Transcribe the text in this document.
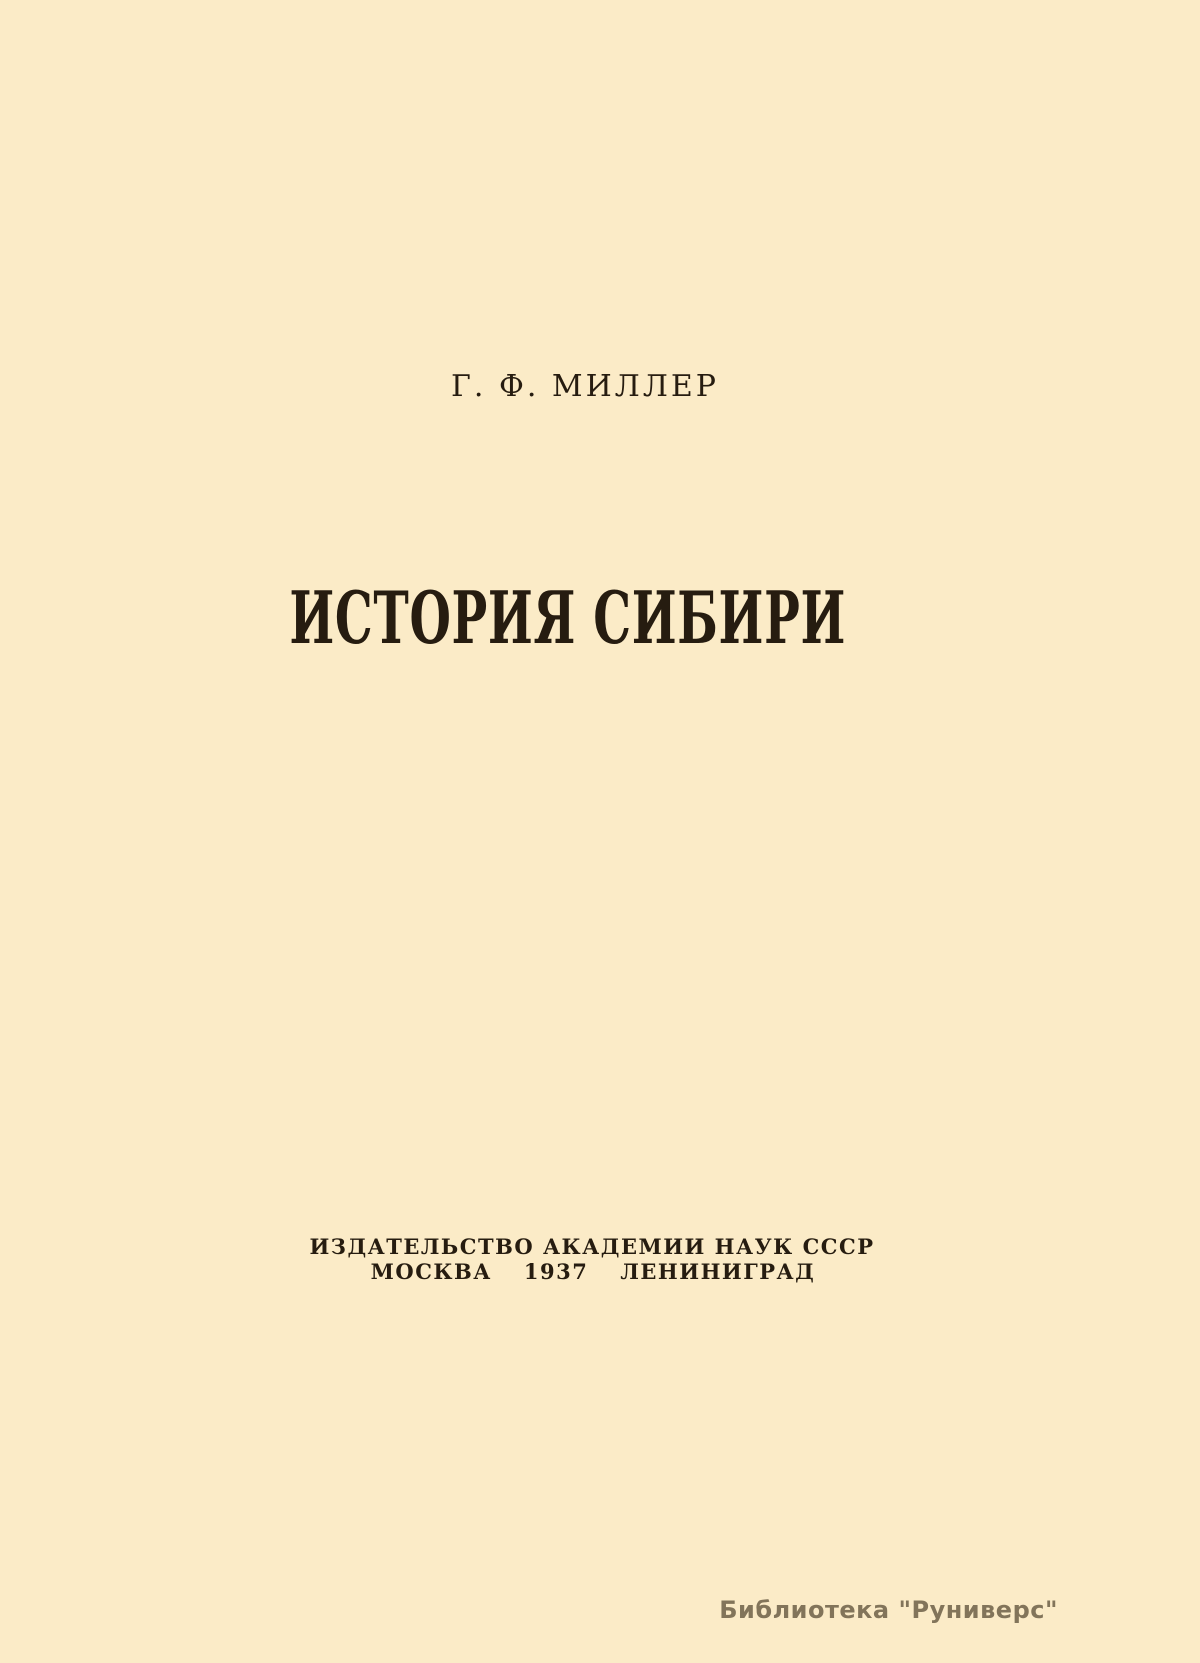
Г. Ф. МИЛЛЕР
ИСТОРИЯ СИБИРИ
ИЗДАТЕЛЬСТВО АКАДЕМИИ НАУК СССР
МОСКВА 1937 ЛЕНИНИГРАД
Библиотека "Руниверс"
